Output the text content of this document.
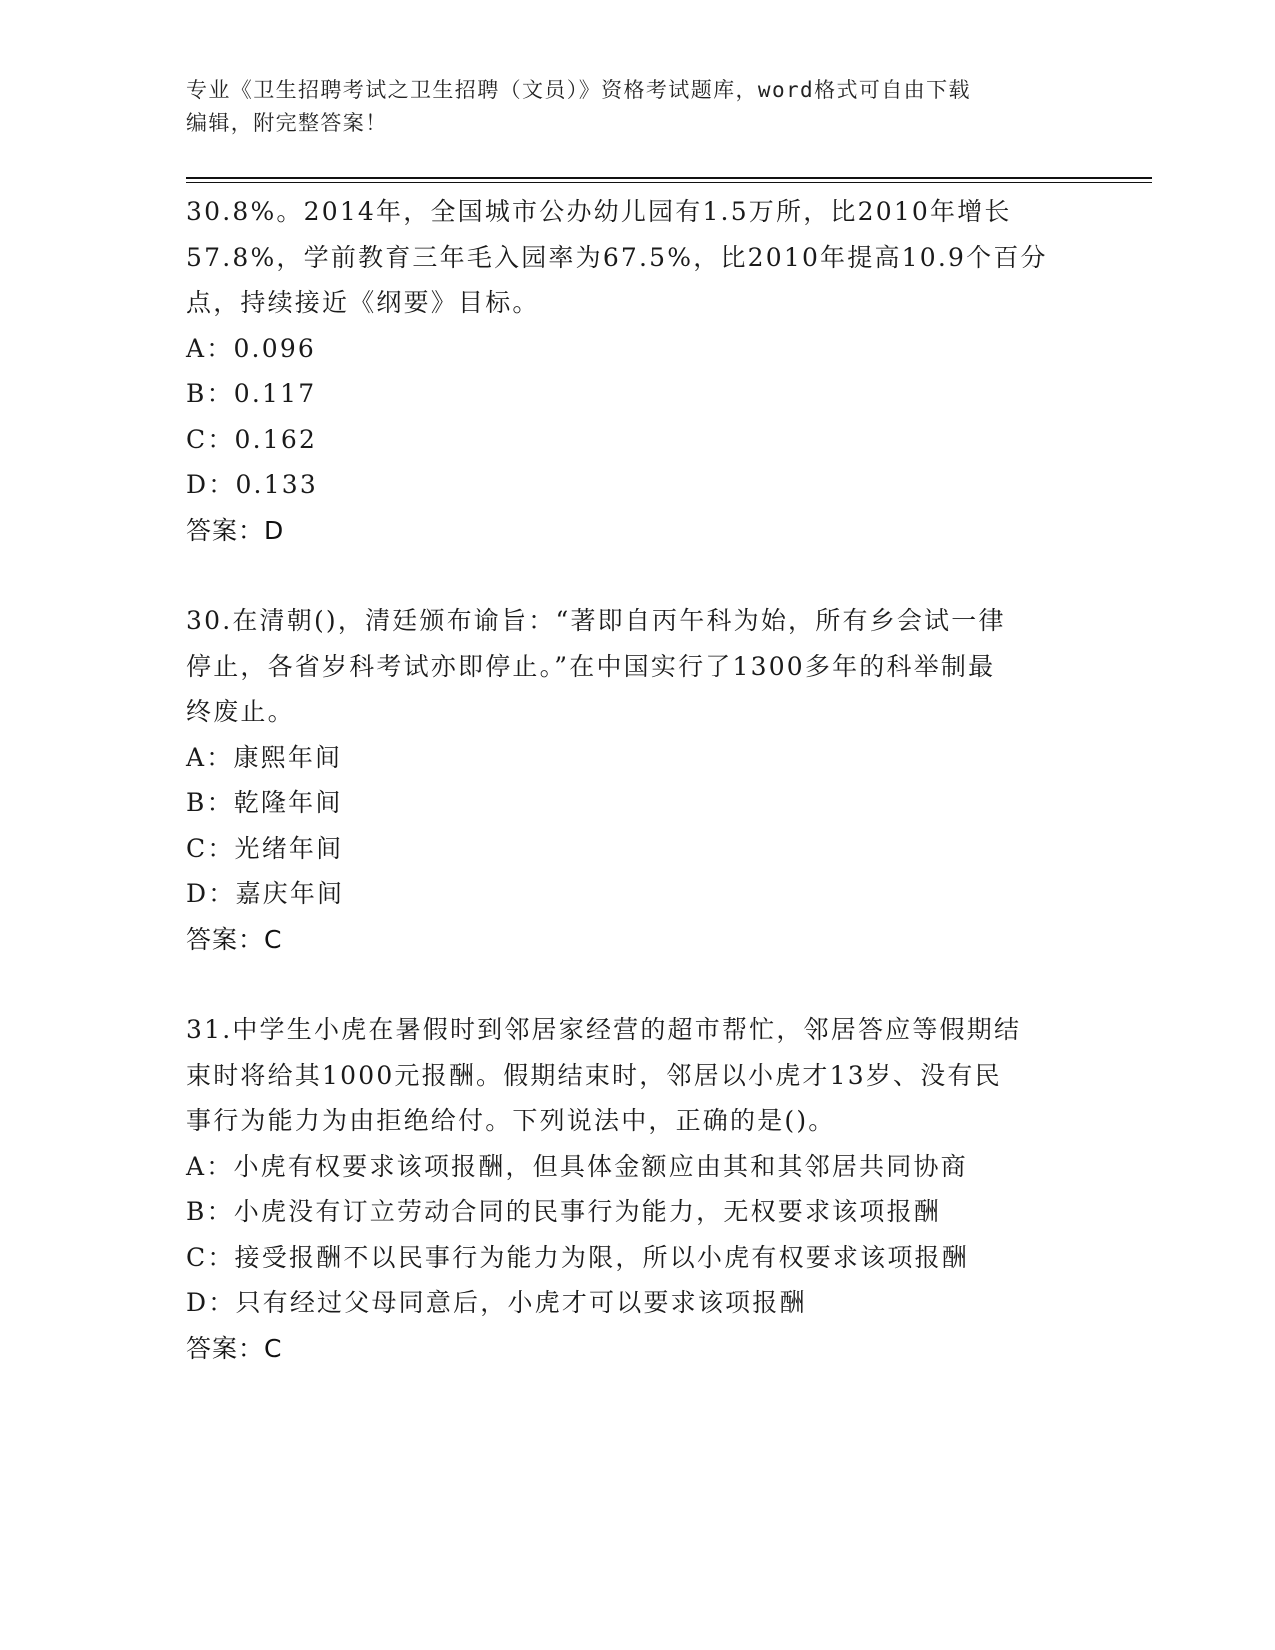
专业《卫生招聘考试之卫生招聘（文员）》资格考试题库，word格式可自由下载
编辑，附完整答案！

30.8%。2014年，全国城市公办幼儿园有1.5万所，比2010年增长

57.8%，学前教育三年毛入园率为67.5%，比2010年提高10.9个百分

点，持续接近《纲要》目标。

A：0.096

B：0.117

C：0.162

D：0.133

答案：D

30.在清朝()，清廷颁布谕旨：“著即自丙午科为始，所有乡会试一律

停止，各省岁科考试亦即停止。”在中国实行了1300多年的科举制最

终废止。

A：康熙年间

B：乾隆年间

C：光绪年间

D：嘉庆年间

答案：C

31.中学生小虎在暑假时到邻居家经营的超市帮忙，邻居答应等假期结

束时将给其1000元报酬。假期结束时，邻居以小虎才13岁、没有民

事行为能力为由拒绝给付。下列说法中，正确的是()。

A：小虎有权要求该项报酬，但具体金额应由其和其邻居共同协商

B：小虎没有订立劳动合同的民事行为能力，无权要求该项报酬

C：接受报酬不以民事行为能力为限，所以小虎有权要求该项报酬

D：只有经过父母同意后，小虎才可以要求该项报酬

答案：C
